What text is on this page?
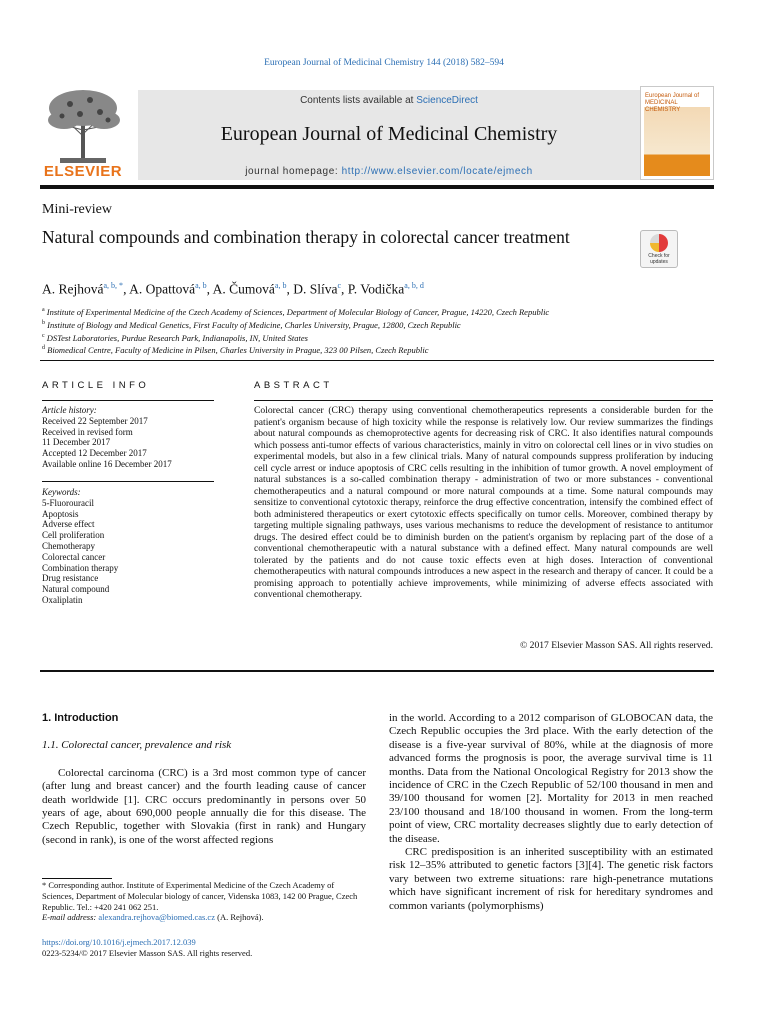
European Journal of Medicinal Chemistry 144 (2018) 582–594
ELSEVIER
Contents lists available at ScienceDirect
European Journal of Medicinal Chemistry
journal homepage: http://www.elsevier.com/locate/ejmech
European Journal of MEDICINAL CHEMISTRY
Mini-review
Natural compounds and combination therapy in colorectal cancer treatment
Check for updates
A. Rejhová$^{a, b, *}$, A. Opattová$^{a, b}$, A. Čumová$^{a, b}$, D. Slíva$^c$, P. Vodička$^{a, b, d}$
$^a$ Institute of Experimental Medicine of the Czech Academy of Sciences, Department of Molecular Biology of Cancer, Prague, 14220, Czech Republic
$^b$ Institute of Biology and Medical Genetics, First Faculty of Medicine, Charles University, Prague, 12800, Czech Republic
$^c$ DSTest Laboratories, Purdue Research Park, Indianapolis, IN, United States
$^d$ Biomedical Centre, Faculty of Medicine in Pilsen, Charles University in Prague, 323 00 Pilsen, Czech Republic
ARTICLE INFO	ABSTRACT
Article history:
Received 22 September 2017
Received in revised form
11 December 2017
Accepted 12 December 2017
Available online 16 December 2017
Keywords:
5-Fluorouracil
Apoptosis
Adverse effect
Cell proliferation
Chemotherapy
Colorectal cancer
Combination therapy
Drug resistance
Natural compound
Oxaliplatin
Colorectal cancer (CRC) therapy using conventional chemotherapeutics represents a considerable burden for the patient's organism because of high toxicity while the response is relatively low. Our review summarizes the findings about natural compounds as chemoprotective agents for decreasing risk of CRC. It also identifies natural compounds which possess anti-tumor effects of various characteristics, mainly in vitro on colorectal cell lines or in vivo studies on experimental models, but also in a few clinical trials. Many of natural compounds suppress proliferation by inducing cell cycle arrest or induce apoptosis of CRC cells resulting in the inhibition of tumor growth. A novel employment of natural substances is a so-called combination therapy - administration of two or more substances - conventional chemotherapeutics and a natural compound or more natural compounds at a time. Some natural compounds may sensitize to conventional cytotoxic therapy, reinforce the drug effective concentration, intensify the combined effect of both administered therapeutics or exert cytotoxic effects specifically on tumor cells. Moreover, combined therapy by targeting multiple signaling pathways, uses various mechanisms to reduce the development of resistance to antitumor drugs. The desired effect could be to diminish burden on the patient's organism by replacing part of the dose of a conventional chemotherapeutic with a natural substance with a defined effect. Many natural compounds are well tolerated by the patients and do not cause toxic effects even at high doses. Interaction of conventional chemotherapeutics with natural compounds introduces a new aspect in the research and therapy of cancer. It could be a promising approach to potentially achieve improvements, while minimizing of adverse effects associated with conventional chemotherapy.
© 2017 Elsevier Masson SAS. All rights reserved.
1. Introduction
1.1. Colorectal cancer, prevalence and risk
Colorectal carcinoma (CRC) is a 3rd most common type of cancer (after lung and breast cancer) and the fourth leading cause of cancer death worldwide [1]. CRC occurs predominantly in persons over 50 years of age, about 690,000 people annually die for this disease. The Czech Republic, together with Slovakia (first in rank) and Hungary (second in rank), is one of the worst affected regions
in the world. According to a 2012 comparison of GLOBOCAN data, the Czech Republic occupies the 3rd place. With the early detection of the disease is a five-year survival of 80%, while at the diagnosis of more advanced forms the prognosis is poor, the average survival time is 11 months. Data from the National Oncological Registry for 2013 show the incidence of CRC in the Czech Republic of 52/100 thousand in men and 39/100 thousand for women [2]. Mortality for 2013 in men reached 23/100 thousand and 18/100 thousand in women. From the long-term point of view, CRC mortality decreases slightly due to early detection of the disease.
CRC predisposition is an inherited susceptibility with an estimated risk 12–35% attributed to genetic factors [3][4]. The genetic risk factors vary between two extreme situations: rare high-penetrance mutations which have significant increment of risk for hereditary syndromes and common variants (polymorphisms)
* Corresponding author. Institute of Experimental Medicine of the Czech Academy of Sciences, Department of Molecular biology of cancer, Videnska 1083, 142 00 Prague, Czech Republic. Tel.: +420 241 062 251.
E-mail address: alexandra.rejhova@biomed.cas.cz (A. Rejhová).
https://doi.org/10.1016/j.ejmech.2017.12.039
0223-5234/© 2017 Elsevier Masson SAS. All rights reserved.
